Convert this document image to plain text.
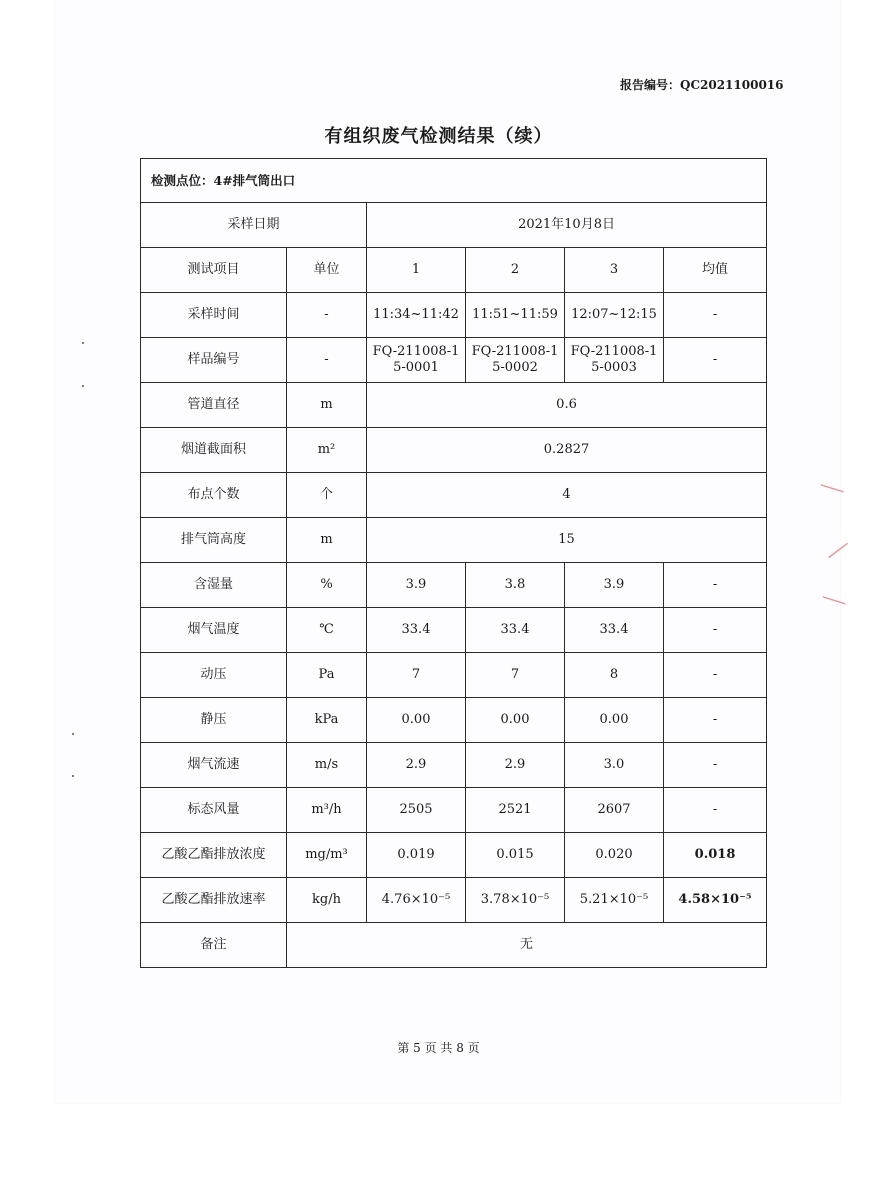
报告编号：QC2021100016
有组织废气检测结果（续）
检测点位：4#排气筒出口					
采样日期		2021年10月8日			
测试项目	单位	1	2	3	均值
采样时间	-	11:34~11:42	11:51~11:59	12:07~12:15	-
样品编号	-	FQ-211008-15-0001	FQ-211008-15-0002	FQ-211008-15-0003	-
管道直径	m	0.6			
烟道截面积	m²	0.2827			
布点个数	个	4			
排气筒高度	m	15			
含湿量	%	3.9	3.8	3.9	-
烟气温度	℃	33.4	33.4	33.4	-
动压	Pa	7	7	8	-
静压	kPa	0.00	0.00	0.00	-
烟气流速	m/s	2.9	2.9	3.0	-
标态风量	m³/h	2505	2521	2607	-
乙酸乙酯排放浓度	mg/m³	0.019	0.015	0.020	0.018
乙酸乙酯排放速率	kg/h	4.76×10⁻⁵	3.78×10⁻⁵	5.21×10⁻⁵	4.58×10⁻⁵
备注	无				
第 5 页 共 8 页
╱
╲
╱
